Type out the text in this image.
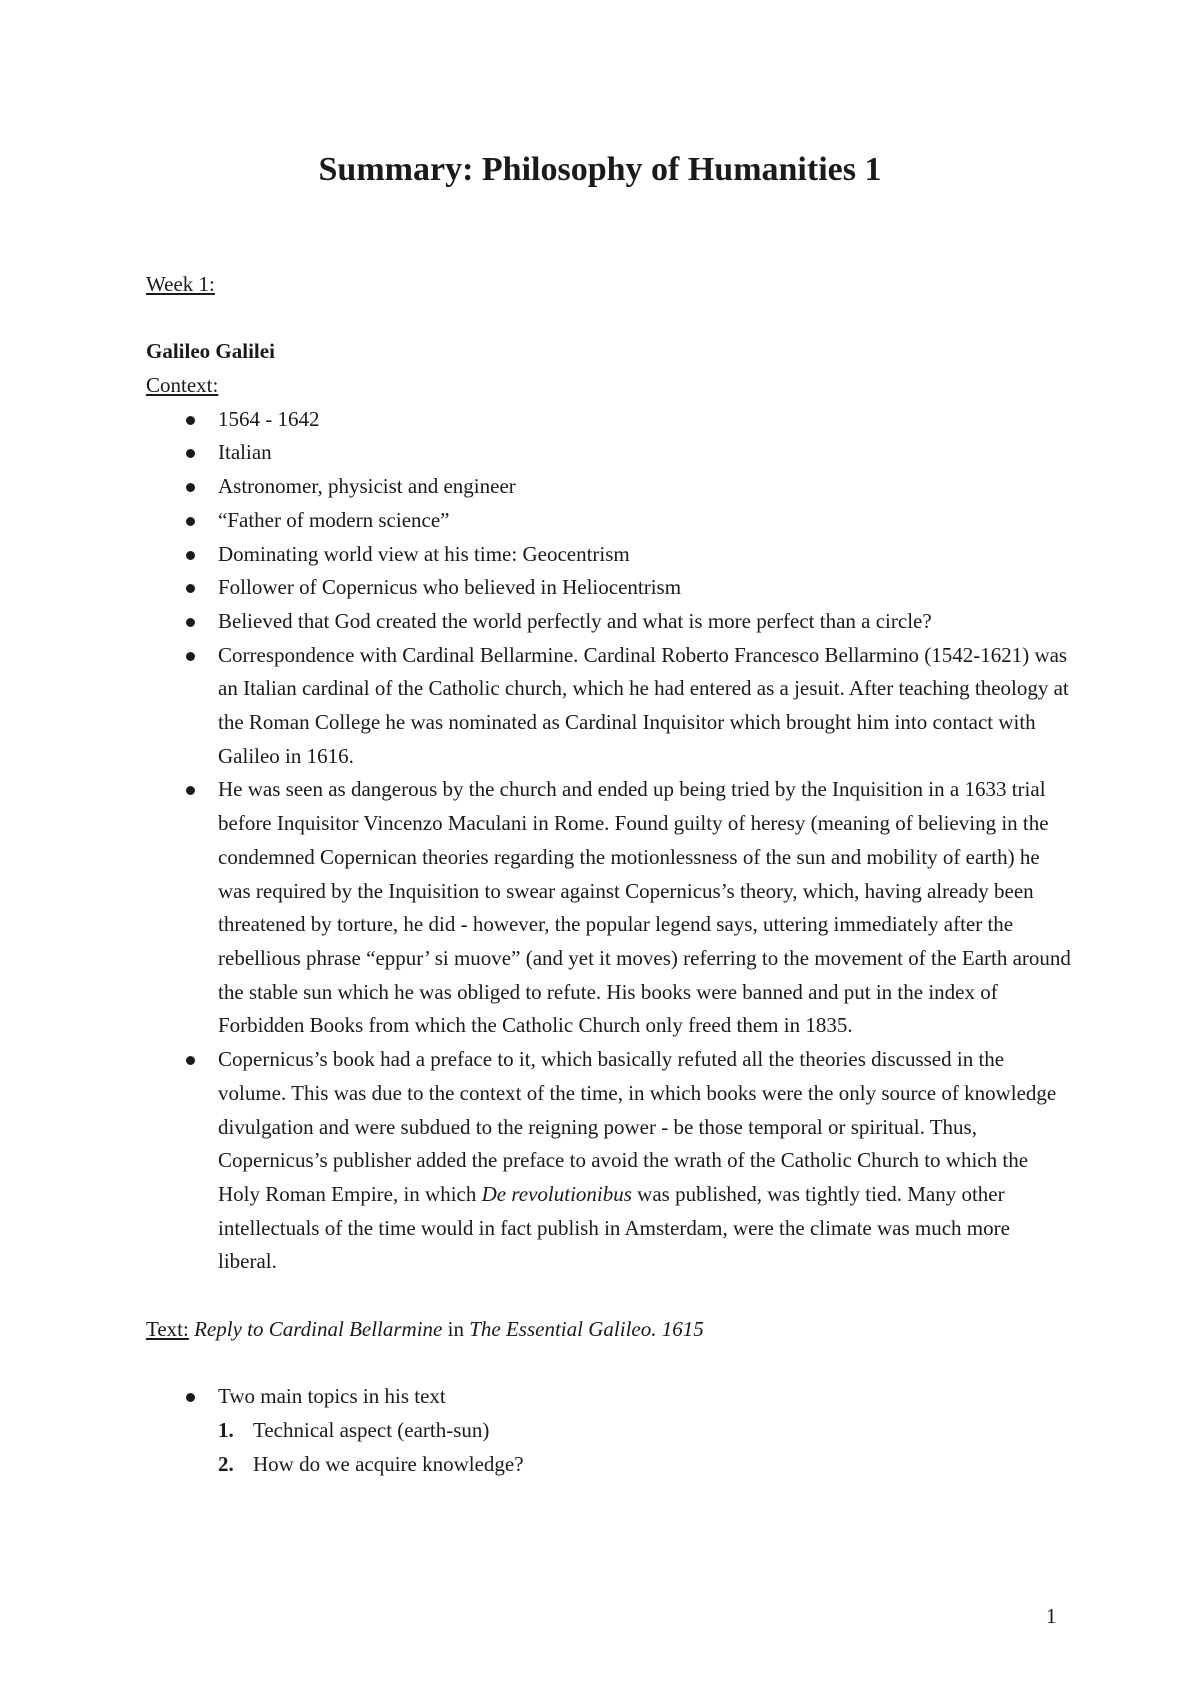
Summary: Philosophy of Humanities 1

Week 1:

Galileo Galilei

Context:

1564 - 1642
Italian
Astronomer, physicist and engineer
“Father of modern science”
Dominating world view at his time: Geocentrism
Follower of Copernicus who believed in Heliocentrism
Believed that God created the world perfectly and what is more perfect than a circle?
Correspondence with Cardinal Bellarmine. Cardinal Roberto Francesco Bellarmino (1542-1621) was an Italian cardinal of the Catholic church, which he had entered as a jesuit. After teaching theology at the Roman College he was nominated as Cardinal Inquisitor which brought him into contact with Galileo in 1616.
He was seen as dangerous by the church and ended up being tried by the Inquisition in a 1633 trial before Inquisitor Vincenzo Maculani in Rome. Found guilty of heresy (meaning of believing in the condemned Copernican theories regarding the motionlessness of the sun and mobility of earth) he was required by the Inquisition to swear against Copernicus’s theory, which, having already been threatened by torture, he did - however, the popular legend says, uttering immediately after the rebellious phrase “eppur’ si muove” (and yet it moves) referring to the movement of the Earth around the stable sun which he was obliged to refute. His books were banned and put in the index of Forbidden Books from which the Catholic Church only freed them in 1835.
Copernicus’s book had a preface to it, which basically refuted all the theories discussed in the volume. This was due to the context of the time, in which books were the only source of knowledge divulgation and were subdued to the reigning power - be those temporal or spiritual. Thus, Copernicus’s publisher added the preface to avoid the wrath of the Catholic Church to which the Holy Roman Empire, in which De revolutionibus was published, was tightly tied. Many other intellectuals of the time would in fact publish in Amsterdam, were the climate was much more liberal.

Text: Reply to Cardinal Bellarmine in The Essential Galileo. 1615

Two main topics in his text
1. Technical aspect (earth-sun)
2. How do we acquire knowledge?
1
